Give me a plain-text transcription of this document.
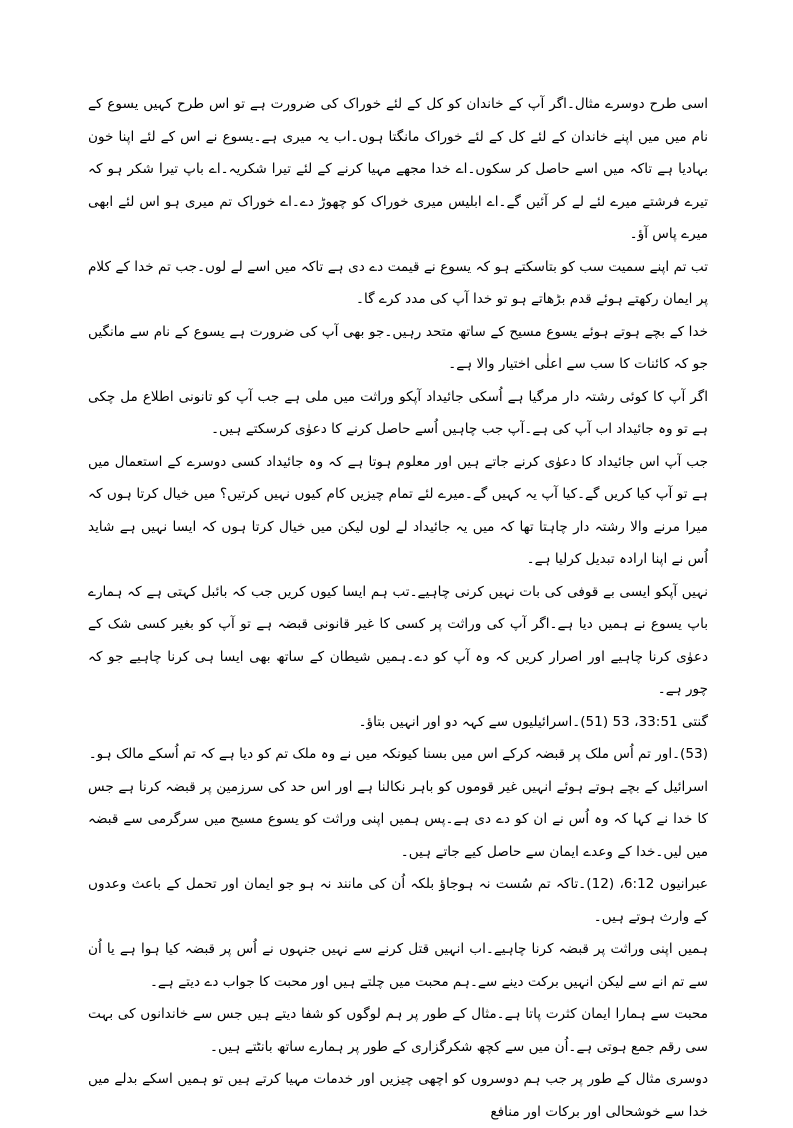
اسی طرح دوسرے مثال۔اگر آپ کے خاندان کو کل کے لئے خوراک کی ضرورت ہے تو اس طرح کہیں یسوع کے نام میں میں اپنے خاندان کے لئے کل کے لئے خوراک مانگتا ہوں۔اب یہ میری ہے۔یسوع نے اس کے لئے اپنا خون بہادیا ہے تاکہ میں اسے حاصل کر سکوں۔اے خدا مجھے مہیا کرنے کے لئے تیرا شکریہ۔اے باپ تیرا شکر ہو کہ تیرے فرشتے میرے لئے لے کر آئیں گے۔اے ابلیس میری خوراک کو چھوڑ دے۔اے خوراک تم میری ہو اس لئے ابھی میرے پاس آؤ۔

تب تم اپنے سمیت سب کو بتاسکتے ہو کہ یسوع نے قیمت دے دی ہے تاکہ میں اسے لے لوں۔جب تم خدا کے کلام پر ایمان رکھتے ہوئے قدم بڑھاتے ہو تو خدا آپ کی مدد کرے گا۔

خدا کے بچے ہوتے ہوئے یسوع مسیح کے ساتھ متحد رہیں۔جو بھی آپ کی ضرورت ہے یسوع کے نام سے مانگیں جو کہ کائنات کا سب سے اعلٰی اختیار والا ہے۔

اگر آپ کا کوئی رشتہ دار مرگیا ہے اُسکی جائیداد آپکو وراثت میں ملی ہے جب آپ کو تانونی اطلاع مل چکی ہے تو وہ جائیداد اب آپ کی ہے۔آپ جب چاہیں اُسے حاصل کرنے کا دعوٰی کرسکتے ہیں۔

جب آپ اس جائیداد کا دعوٰی کرنے جاتے ہیں اور معلوم ہوتا ہے کہ وہ جائیداد کسی دوسرے کے استعمال میں ہے تو آپ کیا کریں گے۔کیا آپ یہ کہیں گے۔میرے لئے تمام چیزیں کام کیوں نہیں کرتیں؟ میں خیال کرتا ہوں کہ میرا مرنے والا رشتہ دار چاہتا تھا کہ میں یہ جائیداد لے لوں لیکن میں خیال کرتا ہوں کہ ایسا نہیں ہے شاید اُس نے اپنا ارادہ تبدیل کرلیا ہے۔

نہیں آپکو ایسی بے قوفی کی بات نہیں کرنی چاہیے۔تب ہم ایسا کیوں کریں جب کہ بائبل کہتی ہے کہ ہمارے باپ یسوع نے ہمیں دیا ہے۔اگر آپ کی وراثت پر کسی کا غیر قانونی قبضہ ہے تو آپ کو بغیر کسی شک کے دعوٰی کرنا چاہیے اور اصرار کریں کہ وہ آپ کو دے۔ہمیں شیطان کے ساتھ بھی ایسا ہی کرنا چاہیے جو کہ چور ہے۔

گنتی 33:51، 53 (51)۔اسرائیلیوں سے کہہ دو اور انہیں بتاؤ۔

(53)۔اور تم اُس ملک پر قبضہ کرکے اس میں بسنا کیونکہ میں نے وہ ملک تم کو دیا ہے کہ تم اُسکے مالک ہو۔

اسرائیل کے بچے ہوتے ہوئے انہیں غیر قوموں کو باہر نکالنا ہے اور اس حد کی سرزمین پر قبضہ کرنا ہے جس کا خدا نے کہا کہ وہ اُس نے ان کو دے دی ہے۔پس ہمیں اپنی وراثت کو یسوع مسیح میں سرگرمی سے قبضہ میں لیں۔خدا کے وعدے ایمان سے حاصل کیے جاتے ہیں۔

عبرانیوں 6:12، (12)۔تاکہ تم سُست نہ ہوجاؤ بلکہ اُن کی مانند نہ ہو جو ایمان اور تحمل کے باعث وعدوں کے وارث ہوتے ہیں۔

ہمیں اپنی وراثت پر قبضہ کرنا چاہیے۔اب انہیں قتل کرنے سے نہیں جنہوں نے اُس پر قبضہ کیا ہوا ہے یا اُن سے تم انے سے لیکن انہیں برکت دینے سے۔ہم محبت میں چلتے ہیں اور محبت کا جواب دے دیتے ہے۔

محبت سے ہمارا ایمان کثرت پاتا ہے۔مثال کے طور پر ہم لوگوں کو شفا دیتے ہیں جس سے خاندانوں کی بہت سی رقم جمع ہوتی ہے۔اُن میں سے کچھ شکرگزاری کے طور پر ہمارے ساتھ بانٹتے ہیں۔

دوسری مثال کے طور پر جب ہم دوسروں کو اچھی چیزیں اور خدمات مہیا کرتے ہیں تو ہمیں اسکے بدلے میں خدا سے خوشحالی اور برکات اور منافع
